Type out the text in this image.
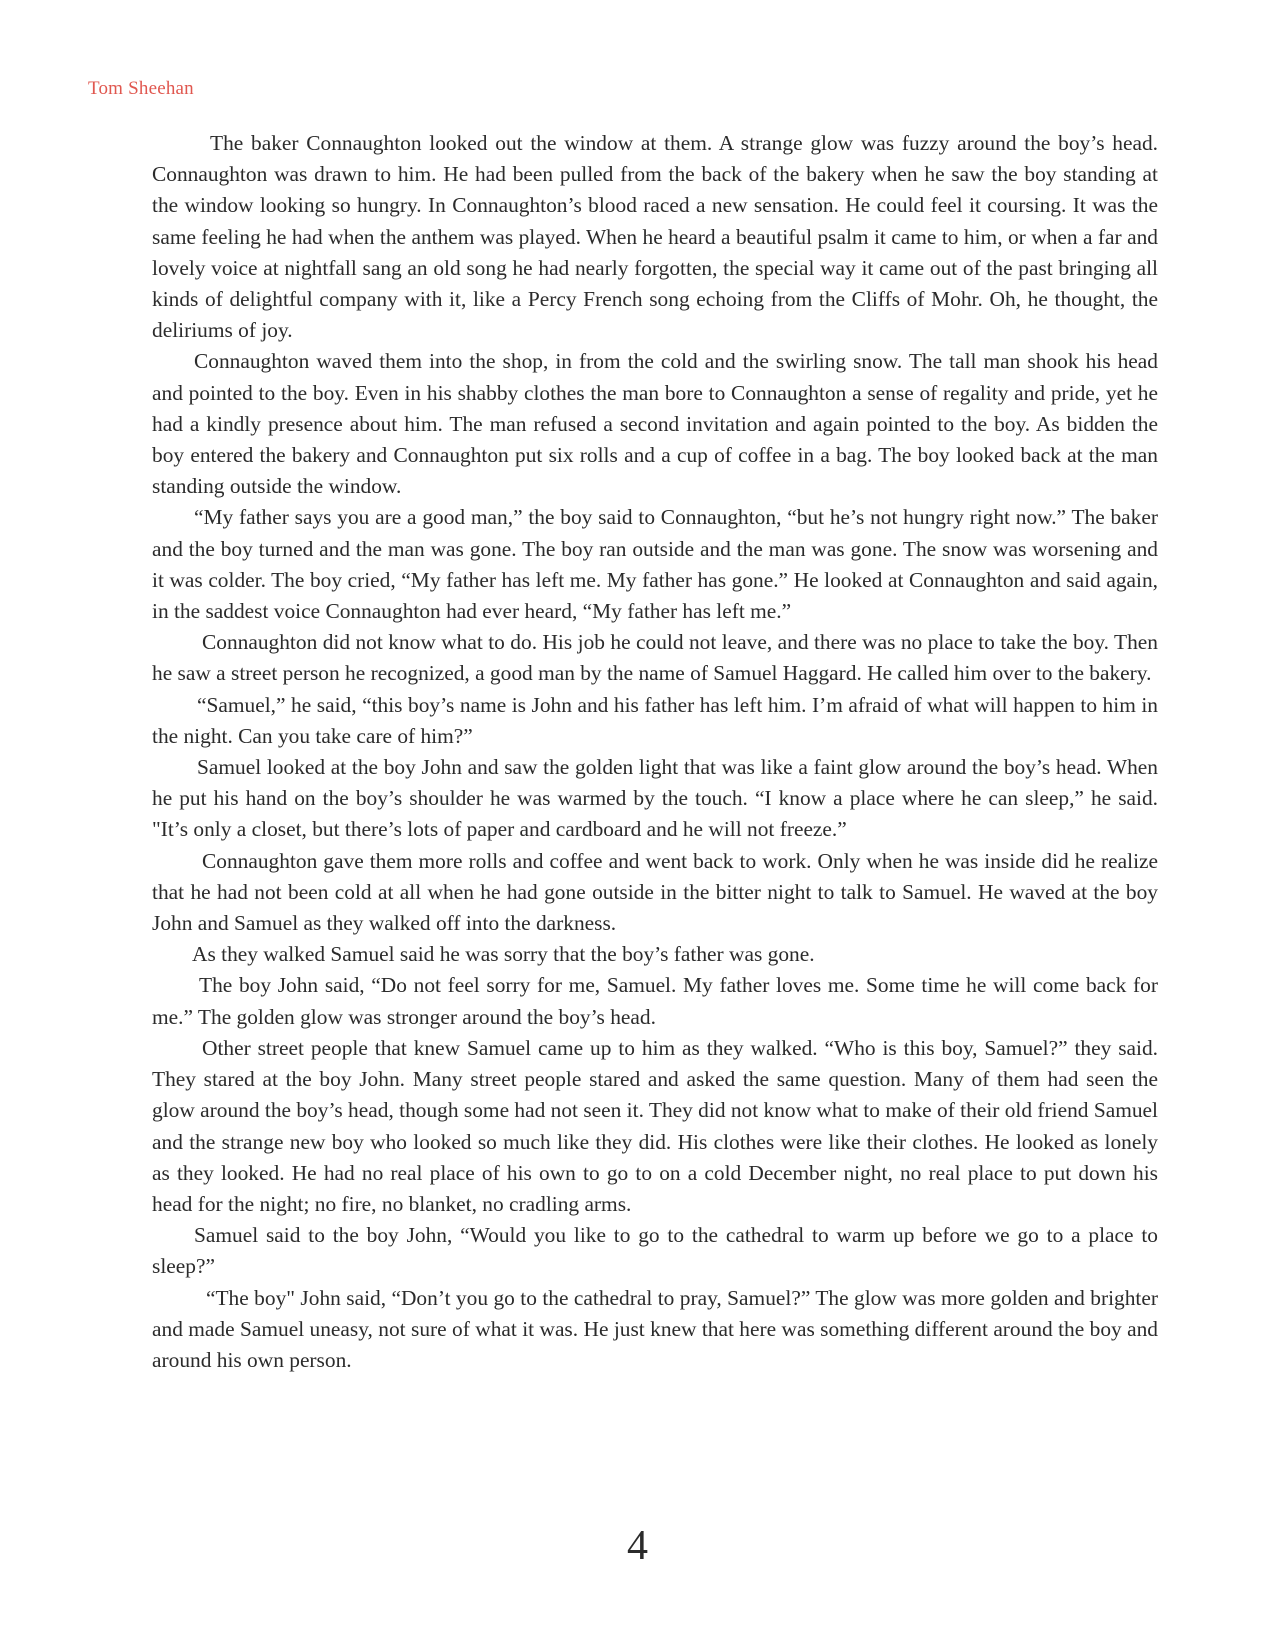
Tom Sheehan

The baker Connaughton looked out the window at them. A strange glow was fuzzy around the boy’s head. Connaughton was drawn to him. He had been pulled from the back of the bakery when he saw the boy standing at the window looking so hungry. In Connaughton’s blood raced a new sensation. He could feel it coursing. It was the same feeling he had when the anthem was played. When he heard a beautiful psalm it came to him, or when a far and lovely voice at nightfall sang an old song he had nearly forgotten, the special way it came out of the past bringing all kinds of delightful company with it, like a Percy French song echoing from the Cliffs of Mohr. Oh, he thought, the deliriums of joy.

Connaughton waved them into the shop, in from the cold and the swirling snow. The tall man shook his head and pointed to the boy. Even in his shabby clothes the man bore to Connaughton a sense of regality and pride, yet he had a kindly presence about him. The man refused a second invitation and again pointed to the boy. As bidden the boy entered the bakery and Connaughton put six rolls and a cup of coffee in a bag. The boy looked back at the man standing outside the window.

“My father says you are a good man,” the boy said to Connaughton, “but he’s not hungry right now.” The baker and the boy turned and the man was gone. The boy ran outside and the man was gone. The snow was worsening and it was colder. The boy cried, “My father has left me. My father has gone.” He looked at Connaughton and said again, in the saddest voice Connaughton had ever heard, “My father has left me.”

Connaughton did not know what to do. His job he could not leave, and there was no place to take the boy. Then he saw a street person he recognized, a good man by the name of Samuel Haggard. He called him over to the bakery.

“Samuel,” he said, “this boy’s name is John and his father has left him. I’m afraid of what will happen to him in the night. Can you take care of him?”

Samuel looked at the boy John and saw the golden light that was like a faint glow around the boy’s head. When he put his hand on the boy’s shoulder he was warmed by the touch. “I know a place where he can sleep,” he said. "It’s only a closet, but there’s lots of paper and cardboard and he will not freeze.”

Connaughton gave them more rolls and coffee and went back to work. Only when he was inside did he realize that he had not been cold at all when he had gone outside in the bitter night to talk to Samuel. He waved at the boy John and Samuel as they walked off into the darkness.

As they walked Samuel said he was sorry that the boy’s father was gone.

The boy John said, “Do not feel sorry for me, Samuel. My father loves me. Some time he will come back for me.” The golden glow was stronger around the boy’s head.

Other street people that knew Samuel came up to him as they walked. “Who is this boy, Samuel?” they said. They stared at the boy John. Many street people stared and asked the same question. Many of them had seen the glow around the boy’s head, though some had not seen it. They did not know what to make of their old friend Samuel and the strange new boy who looked so much like they did. His clothes were like their clothes. He looked as lonely as they looked. He had no real place of his own to go to on a cold December night, no real place to put down his head for the night; no fire, no blanket, no cradling arms.

Samuel said to the boy John, “Would you like to go to the cathedral to warm up before we go to a place to sleep?”

“The boy" John said, “Don’t you go to the cathedral to pray, Samuel?” The glow was more golden and brighter and made Samuel uneasy, not sure of what it was. He just knew that here was something different around the boy and around his own person.

4
